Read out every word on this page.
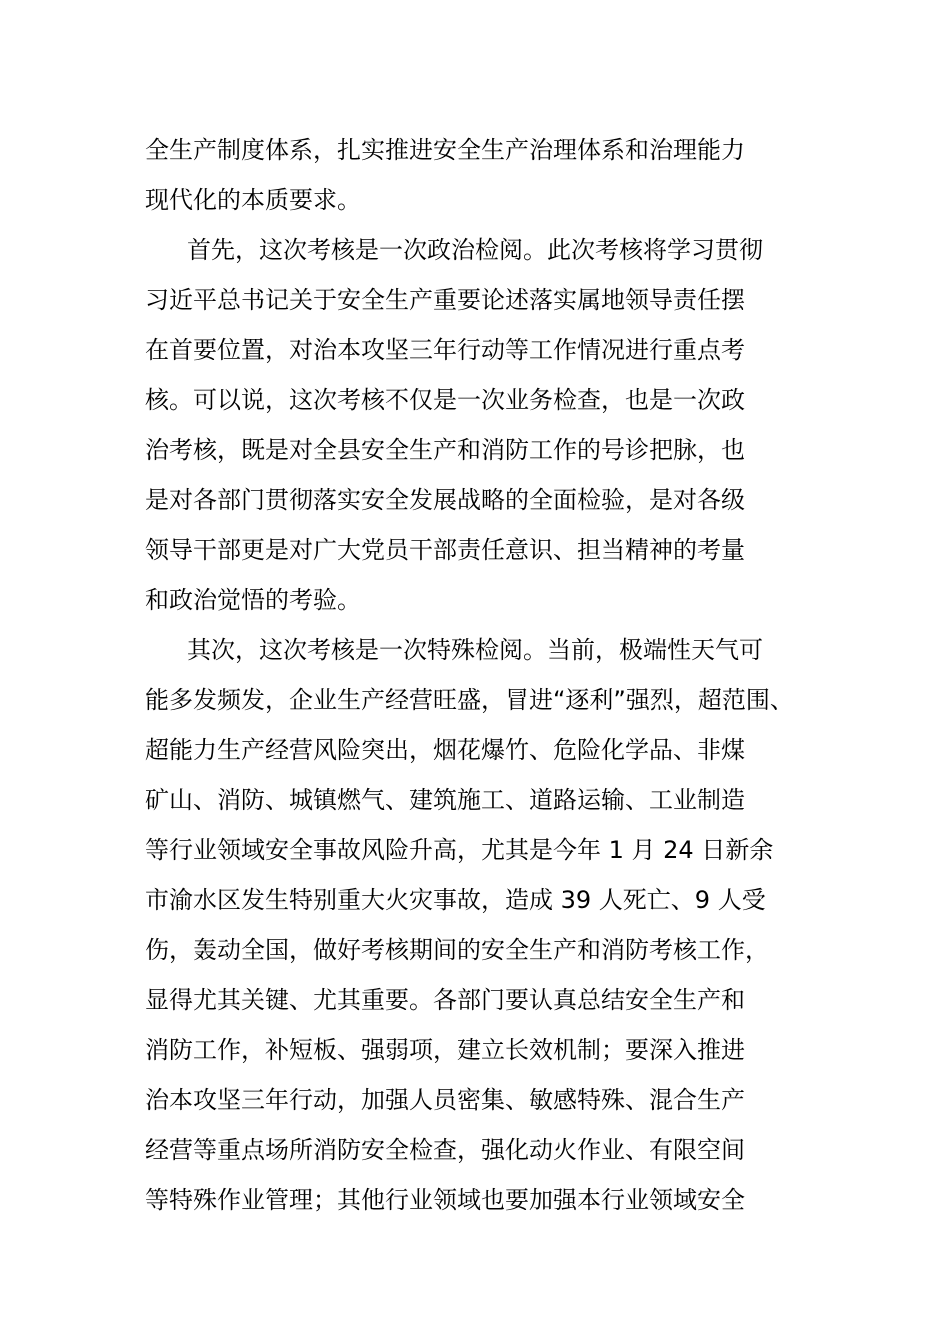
全生产制度体系，扎实推进安全生产治理体系和治理能力
现代化的本质要求。
首先，这次考核是一次政治检阅。此次考核将学习贯彻
习近平总书记关于安全生产重要论述落实属地领导责任摆
在首要位置，对治本攻坚三年行动等工作情况进行重点考
核。可以说，这次考核不仅是一次业务检查，也是一次政
治考核，既是对全县安全生产和消防工作的号诊把脉，也
是对各部门贯彻落实安全发展战略的全面检验，是对各级
领导干部更是对广大党员干部责任意识、担当精神的考量
和政治觉悟的考验。
其次，这次考核是一次特殊检阅。当前，极端性天气可
能多发频发，企业生产经营旺盛，冒进“逐利”强烈，超范围、
超能力生产经营风险突出，烟花爆竹、危险化学品、非煤
矿山、消防、城镇燃气、建筑施工、道路运输、工业制造
等行业领域安全事故风险升高，尤其是今年 1 月 24 日新余
市渝水区发生特别重大火灾事故，造成 39 人死亡、9 人受
伤，轰动全国，做好考核期间的安全生产和消防考核工作，
显得尤其关键、尤其重要。各部门要认真总结安全生产和
消防工作，补短板、强弱项，建立长效机制；要深入推进
治本攻坚三年行动，加强人员密集、敏感特殊、混合生产
经营等重点场所消防安全检查，强化动火作业、有限空间
等特殊作业管理；其他行业领域也要加强本行业领域安全
